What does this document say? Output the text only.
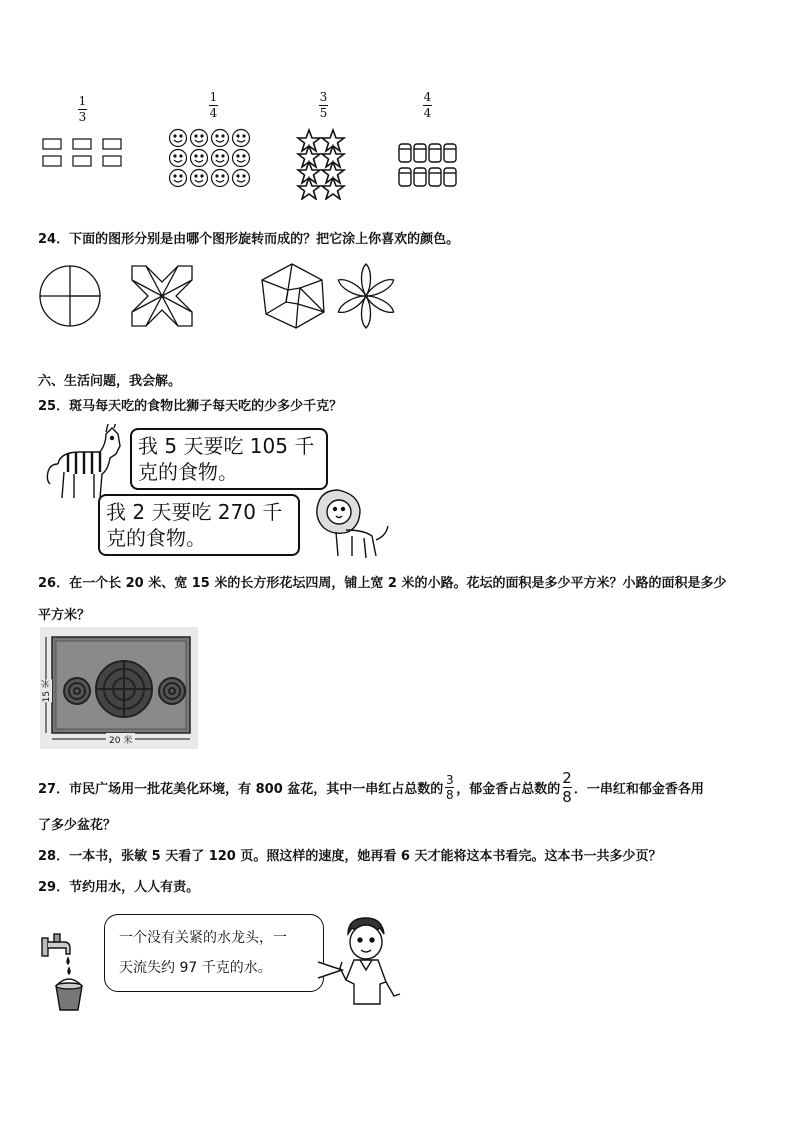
1
3
1
4
3
5
4
4
24．下面的图形分别是由哪个图形旋转而成的？把它涂上你喜欢的颜色。
六、生活问题，我会解。
25．斑马每天吃的食物比狮子每天吃的少多少千克？
我 5 天要吃 105 千
克的食物。
我 2 天要吃 270 千
克的食物。
26．在一个长 20 米、宽 15 米的长方形花坛四周，铺上宽 2 米的小路。花坛的面积是多少平方米？小路的面积是多少
平方米？
15 米
20 米
27．市民广场用一批花美化环境，有 800 盆花，其中一串红占总数的
3
8 ，郁金香占总数的
2
8 ．一串红和郁金香各用
了多少盆花？
28．一本书，张敏 5 天看了 120 页。照这样的速度，她再看 6 天才能将这本书看完。这本书一共多少页？
29．节约用水，人人有责。
一个没有关紧的水龙头，一
天流失约 97 千克的水。
